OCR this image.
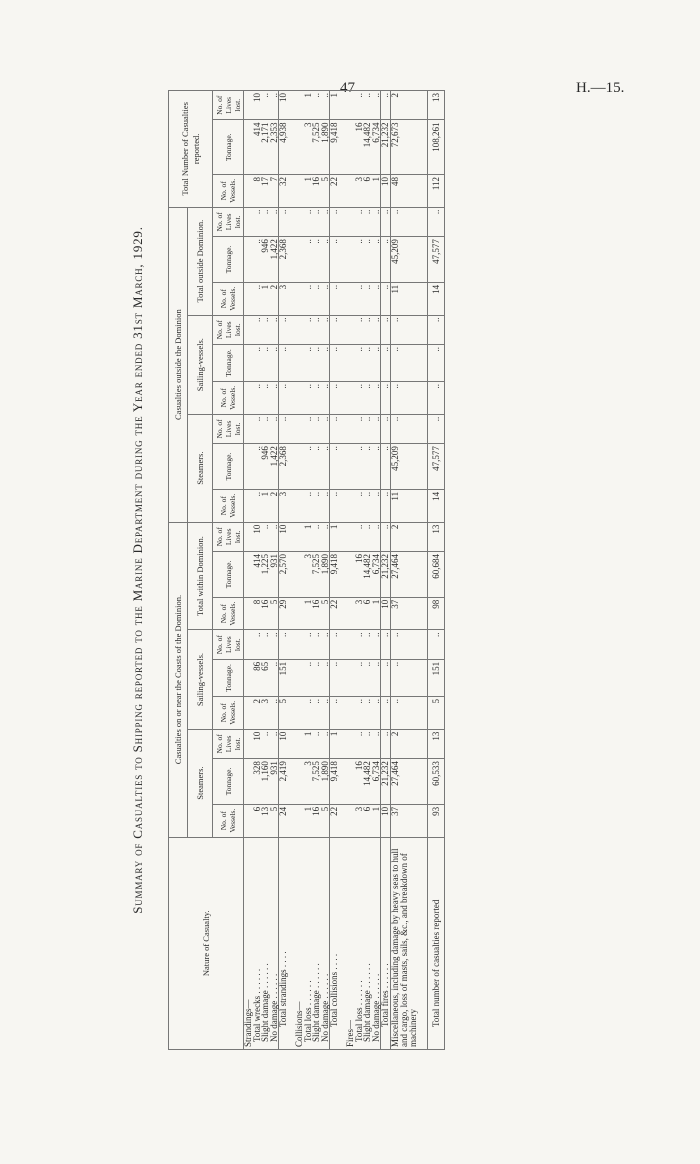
47	H.—15.
Summary of Casualties to Shipping reported to the Marine Department during the Year ended 31st March, 1929.
Nature of Casualty.	Casualties on or near the Coasts of the Dominion.									Casualties outside the Dominion									Total Number of Casualties reported.		
	Steamers.			Sailing-vessels.			Total within Dominion.			Steamers.			Sailing-vessels.			Total outside Dominion.					
	No. of Vessels.	Tonnage.	No. of Lives lost.	No. of Vessels.	Tonnage.	No. of Lives lost.	No. of Vessels.	Tonnage.	No. of Lives lost.	No. of Vessels.	Tonnage.	No. of Lives lost.	No. of Vessels.	Tonnage.	No. of Lives lost.	No. of Vessels.	Tonnage.	No. of Lives lost.	No. of Vessels.	Tonnage.	No. of Lives lost.
Strandings—																					
Total wrecks . . . . . .	6	328	10	2	86	..	8	414	10	..	..	..	..	..	..	..	..	..	8	414	10
Slight damage . . . . . .	13	1,160	..	3	65	..	16	1,225	..	1	946	..	..	..	..	1	946	..	17	2,171	..
No damage . . . . . .	5	931	..	..	..	..	5	931	..	2	1,422	..	..	..	..	2	1,422	..	7	2,353	..
Total strandings . . . .	24	2,419	10	5	151	..	29	2,570	10	3	2,368	..	..	..	..	3	2,368	..	32	4,938	10

Collisions—																					
Total loss . . . . . .	1	3	1	..	..	..	1	3	1	..	..	..	..	..	..	..	..	..	1	3	1
Slight damage . . . . . .	16	7,525	..	..	..	..	16	7,525	..	..	..	..	..	..	..	..	..	..	16	7,525	..
No damage . . . . . .	5	1,890	..	..	..	..	5	1,890	..	..	..	..	..	..	..	..	..	..	5	1,890	..
Total collisions . . . .	22	9,418	1	..	..	..	22	9,418	1	..	..	..	..	..	..	..	..	..	22	9,418	1

Fires—																					
Total loss . . . . . .	3	16	..	..	..	..	3	16	..	..	..	..	..	..	..	..	..	..	3	16	..
Slight damage . . . . . .	6	14,482	..	..	..	..	6	14,482	..	..	..	..	..	..	..	..	..	..	6	14,482	..
No damage . . . . . .	1	6,734	..	..	..	..	1	6,734	..	..	..	..	..	..	..	..	..	..	1	6,734	..
Total fires . . . . . .	10	21,232	..	..	..	..	10	21,232	..	..	..	..	..	..	..	..	..	..	10	21,232	..
Miscellaneous, including damage by heavy seas to hull and cargo, loss of masts, sails, &c., and breakdown of machinery	37	27,464	2	..	..	..	37	27,464	2	11	45,209	..	..	..	..	11	45,209	..	48	72,673	2
Total number of casualties reported	93	60,533	13	5	151	..	98	60,684	13	14	47,577	..	..	..	..	14	47,577	..	112	108,261	13
